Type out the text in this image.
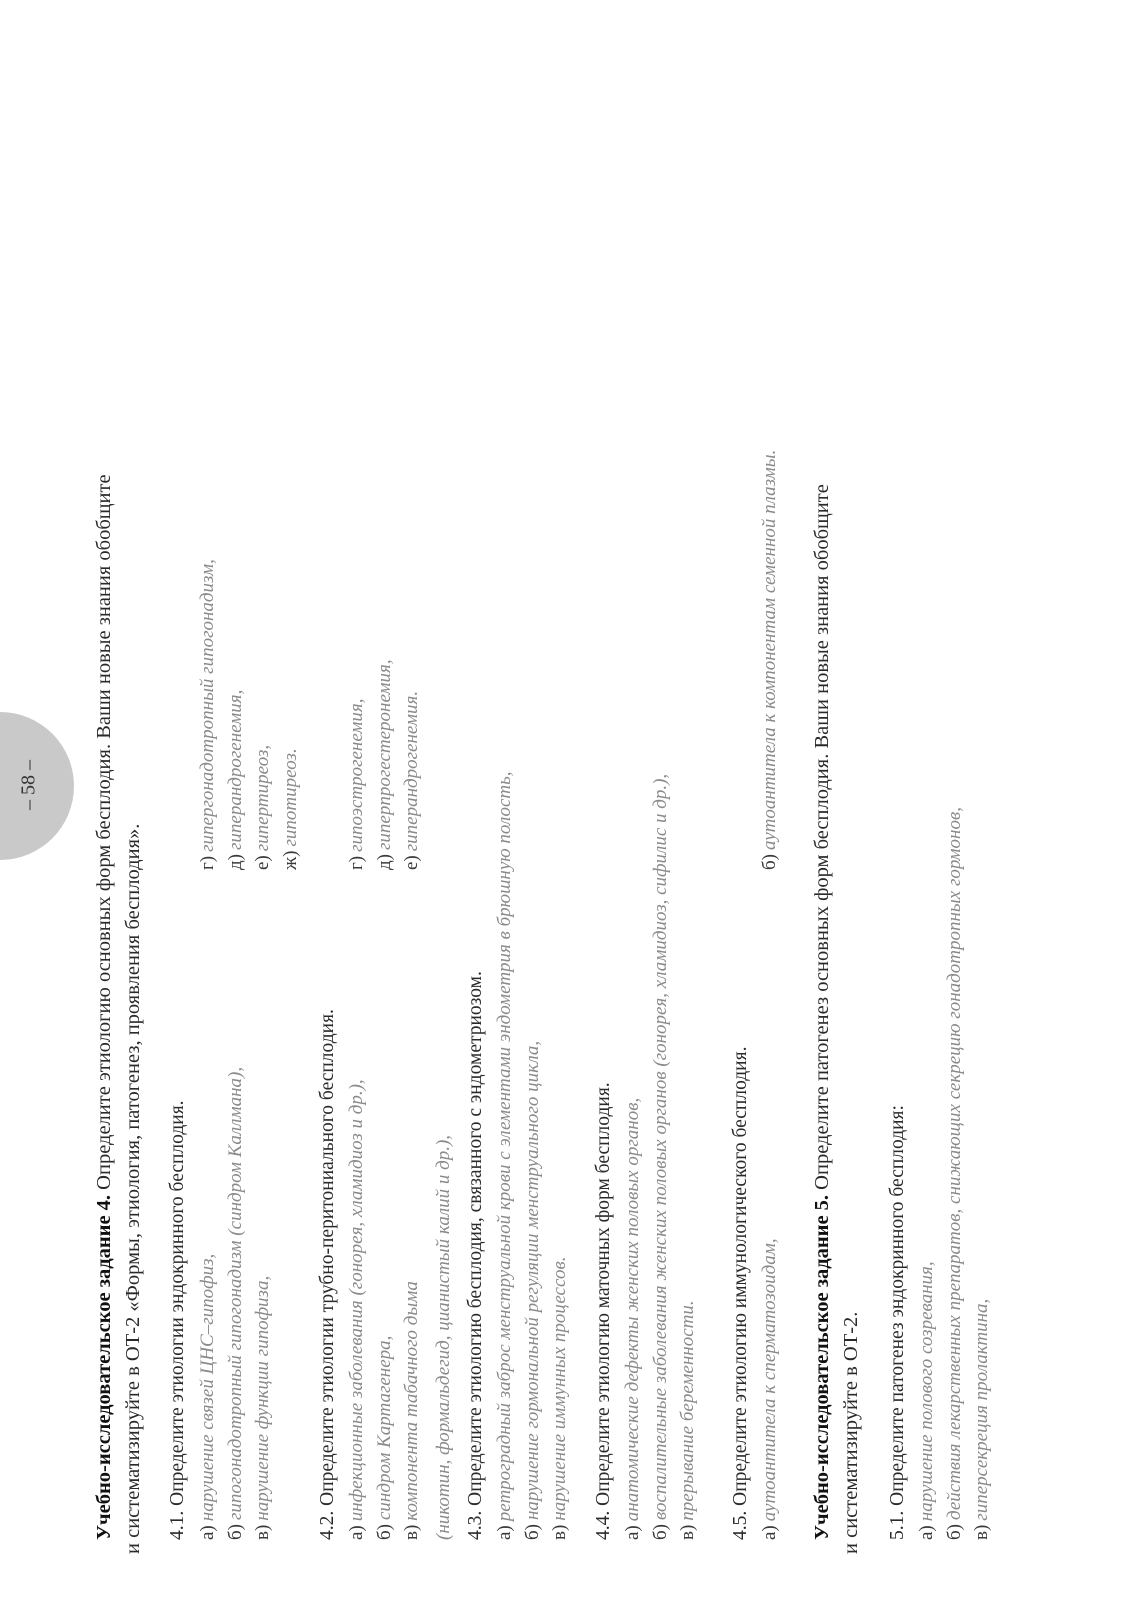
– 58 –
Учебно-исследовательское задание 4. Определите этиологию основных форм бесплодия. Ваши новые знания обобщите и систематизируйте в ОТ-2 «Формы, этиология, патогенез, проявления бесплодия». 4.1. Определите этиологии эндокринного бесплодия. а)
нарушение связей ЦНС–гипофиз,
б)
гипогонадотропный гипогонадизм (синдром Каллмана),
в)
нарушение функции гипофиза,
г)
гипергонадотропный гипогонадизм,
д)
гиперандрогенемия,
е)
гипертиреоз,
ж)
гипотиреоз.
4.2. Определите этиологии трубно-перитониального бесплодия. а)
инфекционные заболевания (гонорея, хламидиоз и др.),
б)
синдром Картагенера,
в)
компонента табачного дыма (никотин, формальдегид, цианистый калий и др.),
г)
гипоэстрогенемия,
д)
гиперпрогестеронемия,
е)
гиперандрогенемия.
4.3. Определите этиологию бесплодия, связанного с эндометриозом. а)
ретроградный заброс менструальной крови с элементами эндометрия в брюшную полость,
б)
нарушение гормональной регуляции менструального цикла,
в)
нарушение иммунных процессов. 4.4. Определите этиологию маточных форм бесплодия. а)
анатомические дефекты женских половых органов,
б)
воспалительные заболевания женских половых органов (гонорея, хламидиоз, сифилис и др.),
в)
прерывание беременности. 4.5. Определите этиологию иммунологического бесплодия. а)
аутоантитела к сперматозоидам,
б)
аутоантитела к компонентам семенной плазмы.
Учебно-исследовательское задание 5. Определите патогенез основных форм бесплодия. Ваши новые знания обобщите
и систематизируйте в ОТ-2. 5.1. Определите патогенез эндокринного бесплодия: а)
нарушение полового созревания,
б)
действия лекарственных препаратов, снижающих секрецию гонадотропных гормонов,
в)
гиперсекреция пролактина,
